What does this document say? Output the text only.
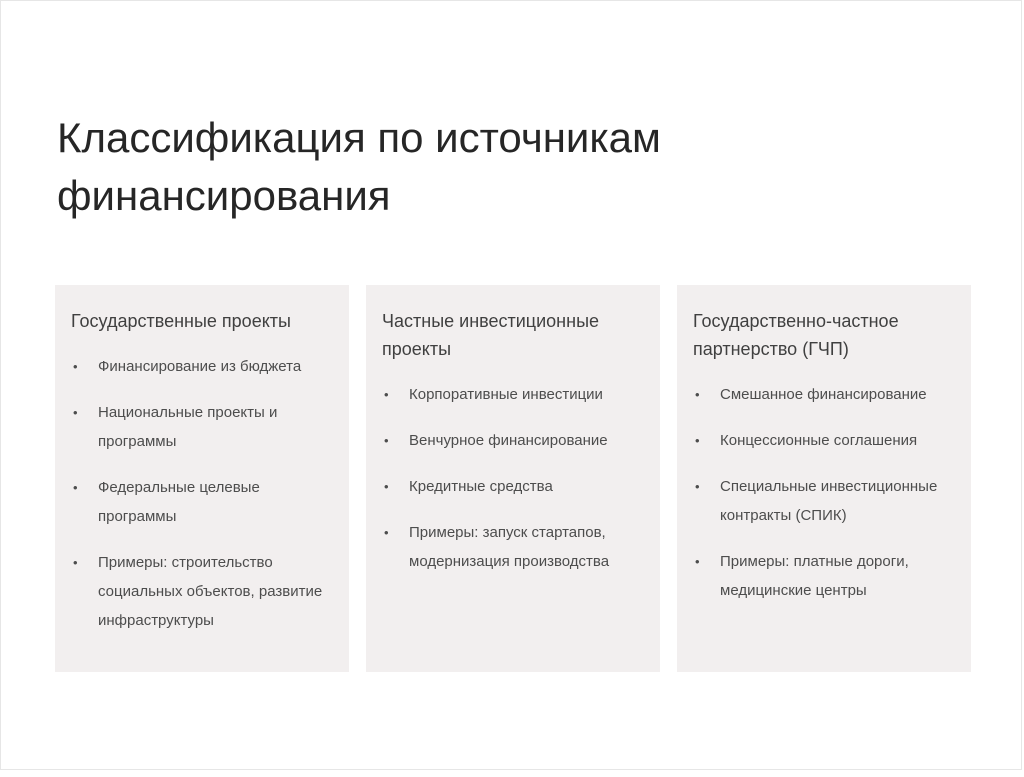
Классификация по источникам финансирования
Государственные проекты
• Финансирование из бюджета
• Национальные проекты и программы
• Федеральные целевые программы
• Примеры: строительство социальных объектов, развитие инфраструктуры
Частные инвестиционные проекты
• Корпоративные инвестиции
• Венчурное финансирование
• Кредитные средства
• Примеры: запуск стартапов, модернизация производства
Государственно-частное партнерство (ГЧП)
• Смешанное финансирование
• Концессионные соглашения
• Специальные инвестиционные контракты (СПИК)
• Примеры: платные дороги, медицинские центры
